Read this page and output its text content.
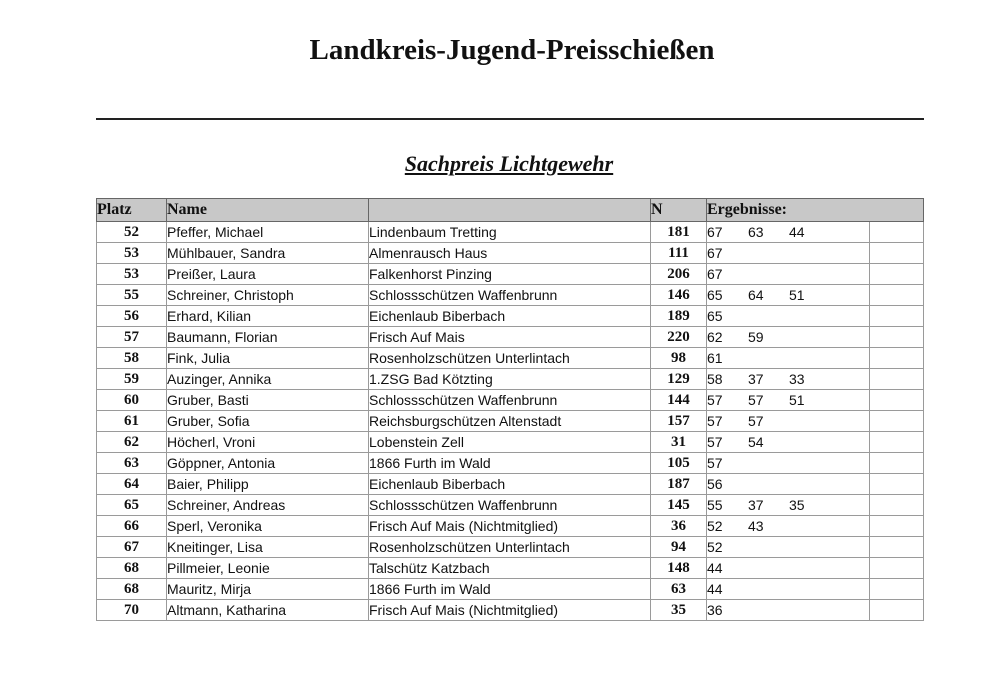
Landkreis-Jugend-Preisschießen
Sachpreis Lichtgewehr
Platz	Name		N	Ergebnisse:	
52	Pfeffer, Michael	Lindenbaum Tretting	181	67 63 44	
53	Mühlbauer, Sandra	Almenrausch Haus	111	67	
53	Preißer, Laura	Falkenhorst Pinzing	206	67	
55	Schreiner, Christoph	Schlossschützen Waffenbrunn	146	65 64 51	
56	Erhard, Kilian	Eichenlaub Biberbach	189	65	
57	Baumann, Florian	Frisch Auf Mais	220	62 59	
58	Fink, Julia	Rosenholzschützen Unterlintach	98	61	
59	Auzinger, Annika	1.ZSG Bad Kötzting	129	58 37 33	
60	Gruber, Basti	Schlossschützen Waffenbrunn	144	57 57 51	
61	Gruber, Sofia	Reichsburgschützen Altenstadt	157	57 57	
62	Höcherl, Vroni	Lobenstein Zell	31	57 54	
63	Göppner, Antonia	1866 Furth im Wald	105	57	
64	Baier, Philipp	Eichenlaub Biberbach	187	56	
65	Schreiner, Andreas	Schlossschützen Waffenbrunn	145	55 37 35	
66	Sperl, Veronika	Frisch Auf Mais (Nichtmitglied)	36	52 43	
67	Kneitinger, Lisa	Rosenholzschützen Unterlintach	94	52	
68	Pillmeier, Leonie	Talschütz Katzbach	148	44	
68	Mauritz, Mirja	1866 Furth im Wald	63	44	
70	Altmann, Katharina	Frisch Auf Mais (Nichtmitglied)	35	36	
